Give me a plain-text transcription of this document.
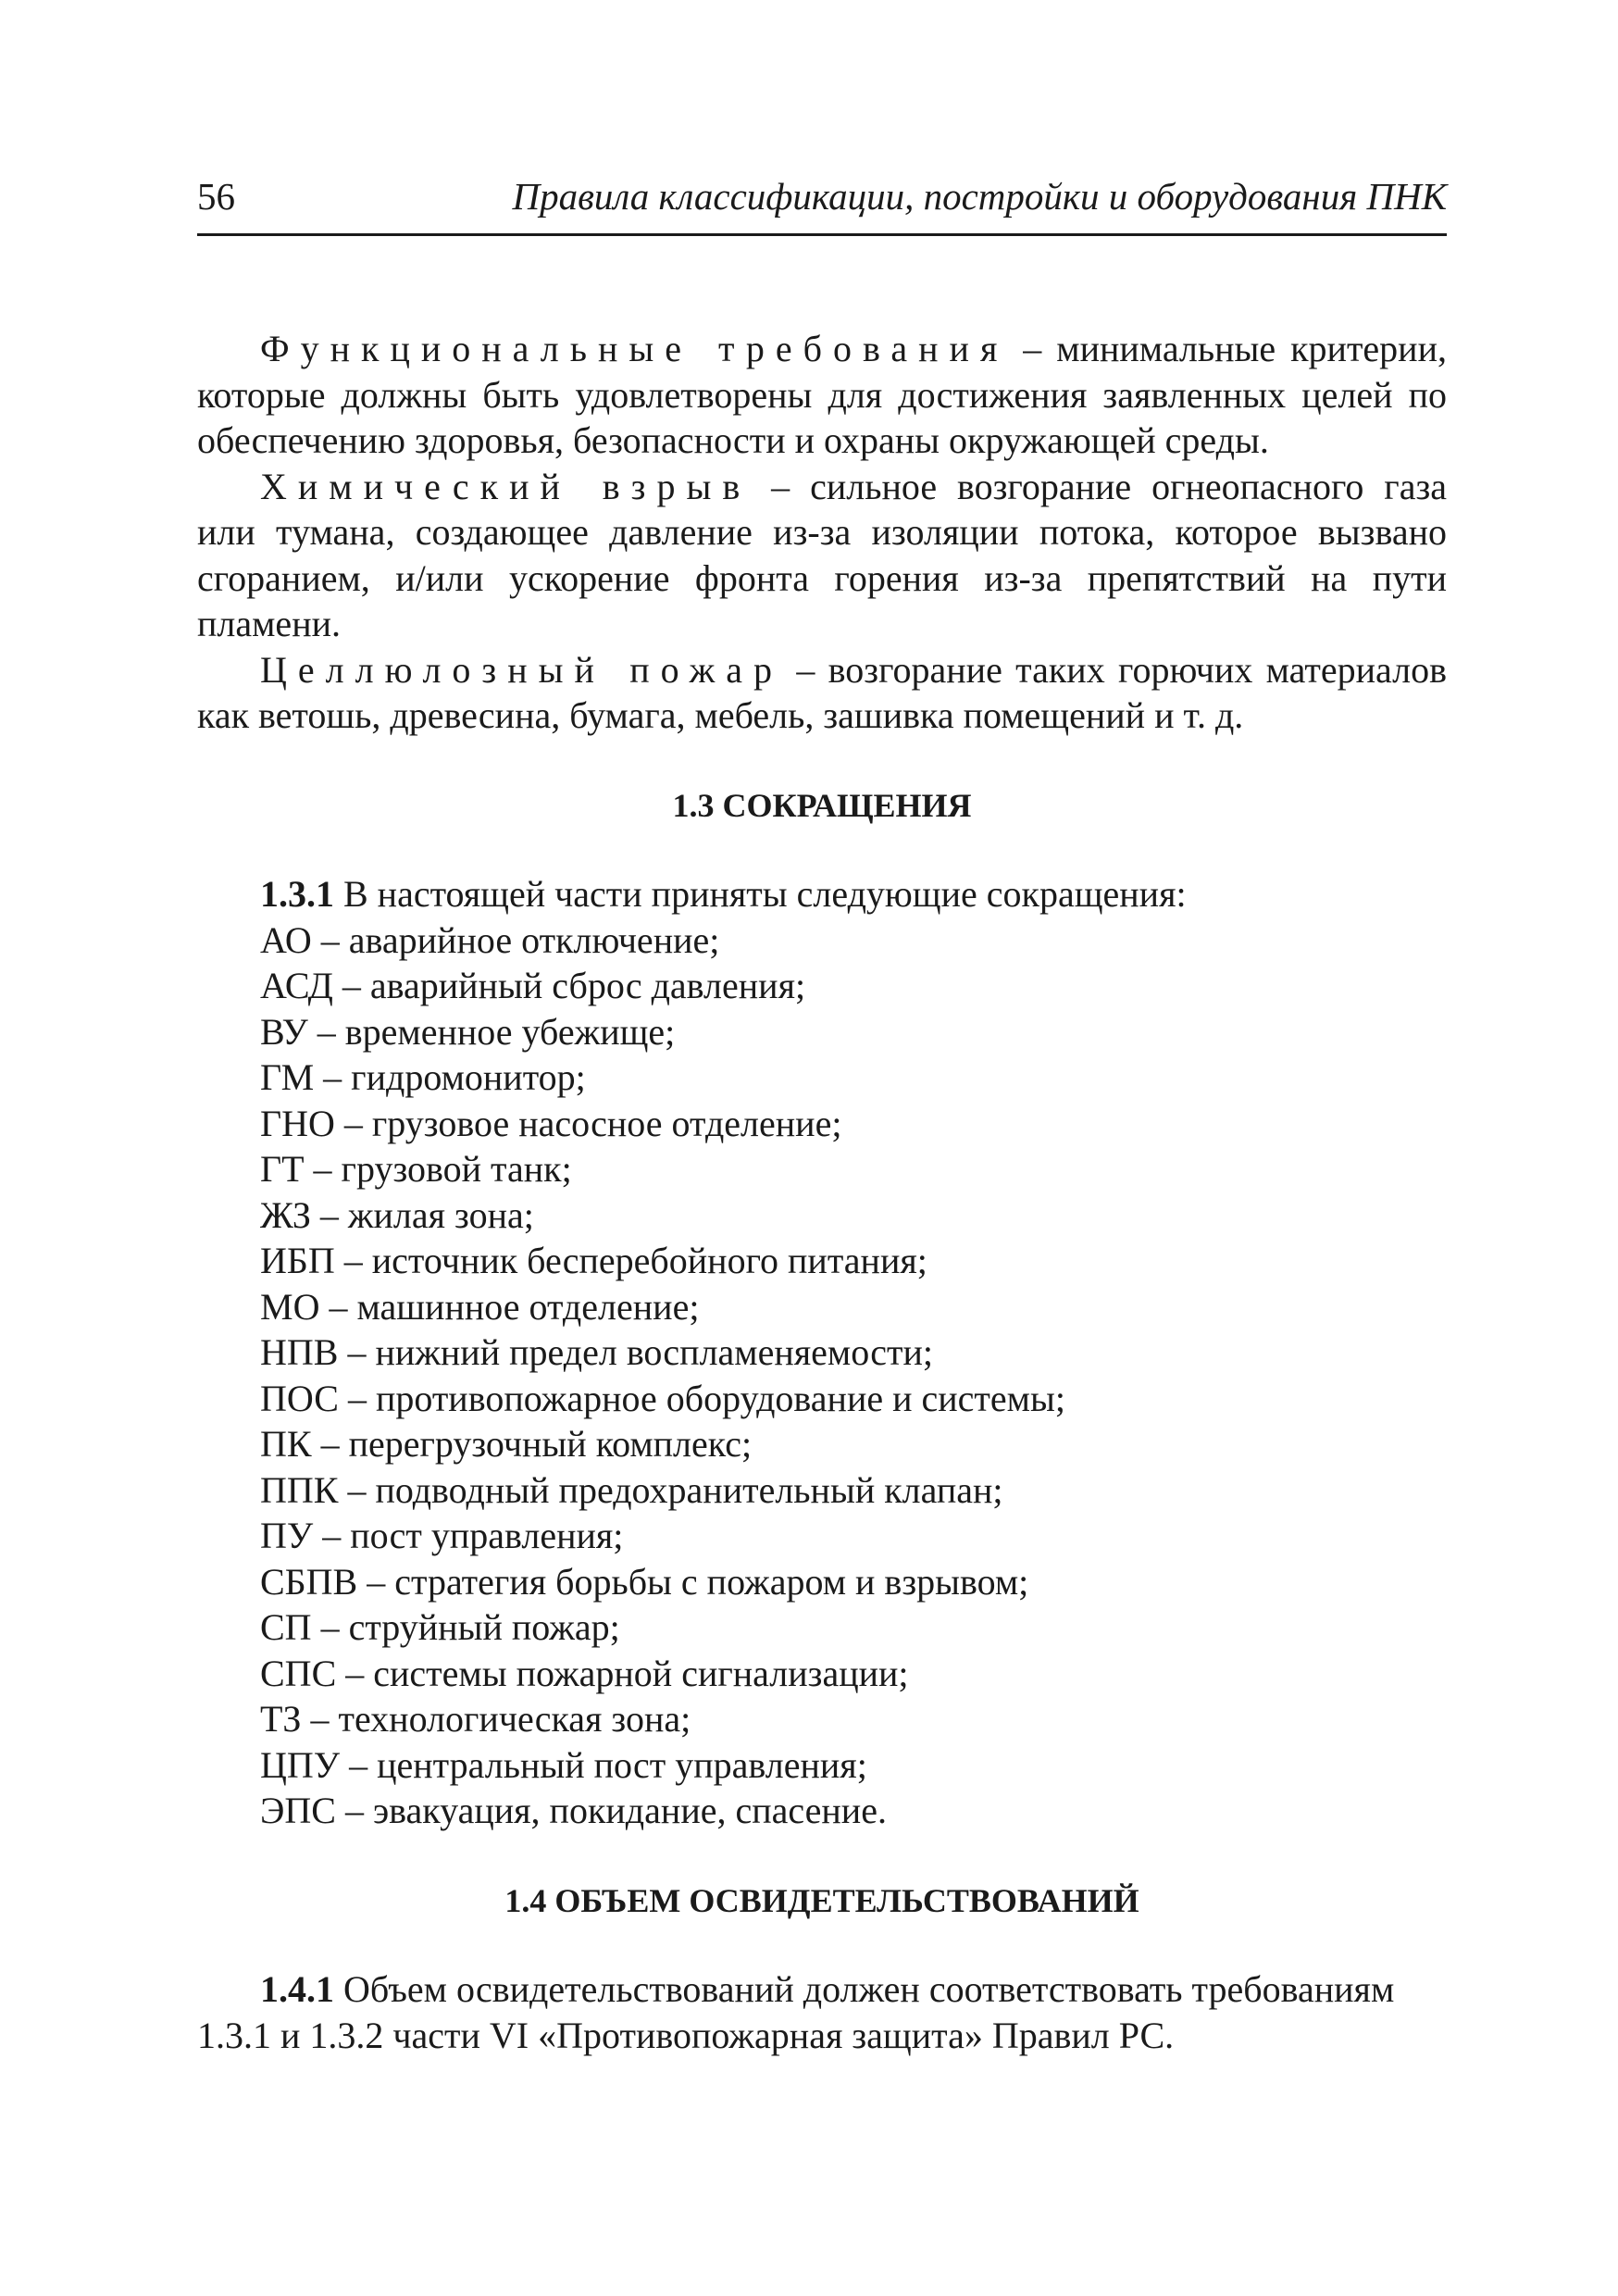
56	Правила классификации, постройки и оборудования ПНК

Функциональные требования – минимальные критерии, которые должны быть удовлетворены для достижения заявленных целей по обеспечению здоровья, безопасности и охраны окружающей среды.

Химический взрыв – сильное возгорание огнеопасного газа или тумана, создающее давление из-за изоляции потока, которое вызвано сгоранием, и/или ускорение фронта горения из-за препятствий на пути пламени.

Целлюлозный пожар – возгорание таких горючих материалов как ветошь, древесина, бумага, мебель, зашивка помещений и т. д.

1.3 СОКРАЩЕНИЯ

1.3.1 В настоящей части приняты следующие сокращения:

АО – аварийное отключение;
АСД – аварийный сброс давления;
ВУ – временное убежище;
ГМ – гидромонитор;
ГНО – грузовое насосное отделение;
ГТ – грузовой танк;
ЖЗ – жилая зона;
ИБП – источник бесперебойного питания;
МО – машинное отделение;
НПВ – нижний предел воспламеняемости;
ПОС – противопожарное оборудование и системы;
ПК – перегрузочный комплекс;
ППК – подводный предохранительный клапан;
ПУ – пост управления;
СБПВ – стратегия борьбы с пожаром и взрывом;
СП – струйный пожар;
СПС – системы пожарной сигнализации;
ТЗ – технологическая зона;
ЦПУ – центральный пост управления;
ЭПС – эвакуация, покидание, спасение.
1.4 ОБЪЕМ ОСВИДЕТЕЛЬСТВОВАНИЙ

1.4.1 Объем освидетельствований должен соответствовать требованиям
1.3.1 и 1.3.2 части VI «Противопожарная защита» Правил РС.
